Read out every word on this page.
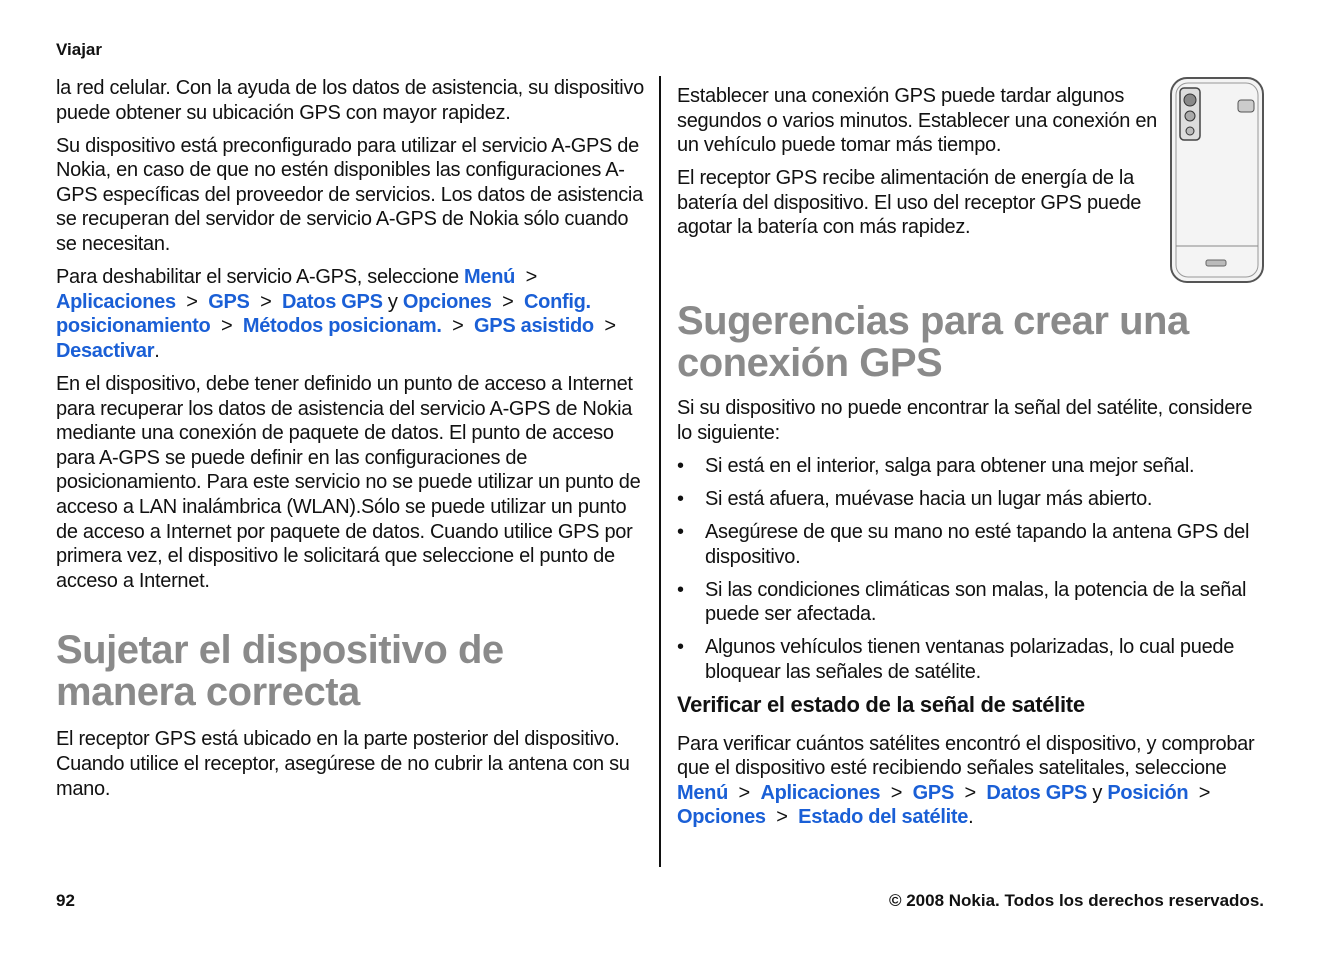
Viajar

la red celular. Con la ayuda de los datos de asistencia, su dispositivo puede obtener su ubicación GPS con mayor rapidez.

Su dispositivo está preconfigurado para utilizar el servicio A-GPS de Nokia, en caso de que no estén disponibles las configuraciones A-GPS específicas del proveedor de servicios. Los datos de asistencia se recuperan del servidor de servicio A-GPS de Nokia sólo cuando se necesitan.

Para deshabilitar el servicio A-GPS, seleccione Menú >  Aplicaciones > GPS > Datos GPS y Opciones > Config. posicionamiento > Métodos posicionam. > GPS asistido >  Desactivar.

En el dispositivo, debe tener definido un punto de acceso a Internet para recuperar los datos de asistencia del servicio A-GPS de Nokia mediante una conexión de paquete de datos. El punto de acceso para A-GPS se puede definir en las configuraciones de posicionamiento. Para este servicio no se puede utilizar un punto de acceso a LAN inalámbrica (WLAN).Sólo se puede utilizar un punto de acceso a Internet por paquete de datos. Cuando utilice GPS por primera vez, el dispositivo le solicitará que seleccione el punto de acceso a Internet.

Sujetar el dispositivo de manera correcta

El receptor GPS está ubicado en la parte posterior del dispositivo. Cuando utilice el receptor, asegúrese de no cubrir la antena con su mano.

Establecer una conexión GPS puede tardar algunos segundos o varios minutos. Establecer una conexión en un vehículo puede tomar más tiempo.

El receptor GPS recibe alimentación de energía de la batería del dispositivo. El uso del receptor GPS puede agotar la batería con más rapidez.

Sugerencias para crear una conexión GPS

Si su dispositivo no puede encontrar la señal del satélite, considere lo siguiente:

• Si está en el interior, salga para obtener una mejor señal.
• Si está afuera, muévase hacia un lugar más abierto.
• Asegúrese de que su mano no esté tapando la antena GPS del dispositivo.
• Si las condiciones climáticas son malas, la potencia de la señal puede ser afectada.
• Algunos vehículos tienen ventanas polarizadas, lo cual puede bloquear las señales de satélite.
Verificar el estado de la señal de satélite

Para verificar cuántos satélites encontró el dispositivo, y comprobar que el dispositivo esté recibiendo señales satelitales, seleccione Menú > Aplicaciones > GPS > Datos GPS y Posición >  Opciones > Estado del satélite.

92	© 2008 Nokia. Todos los derechos reservados.
